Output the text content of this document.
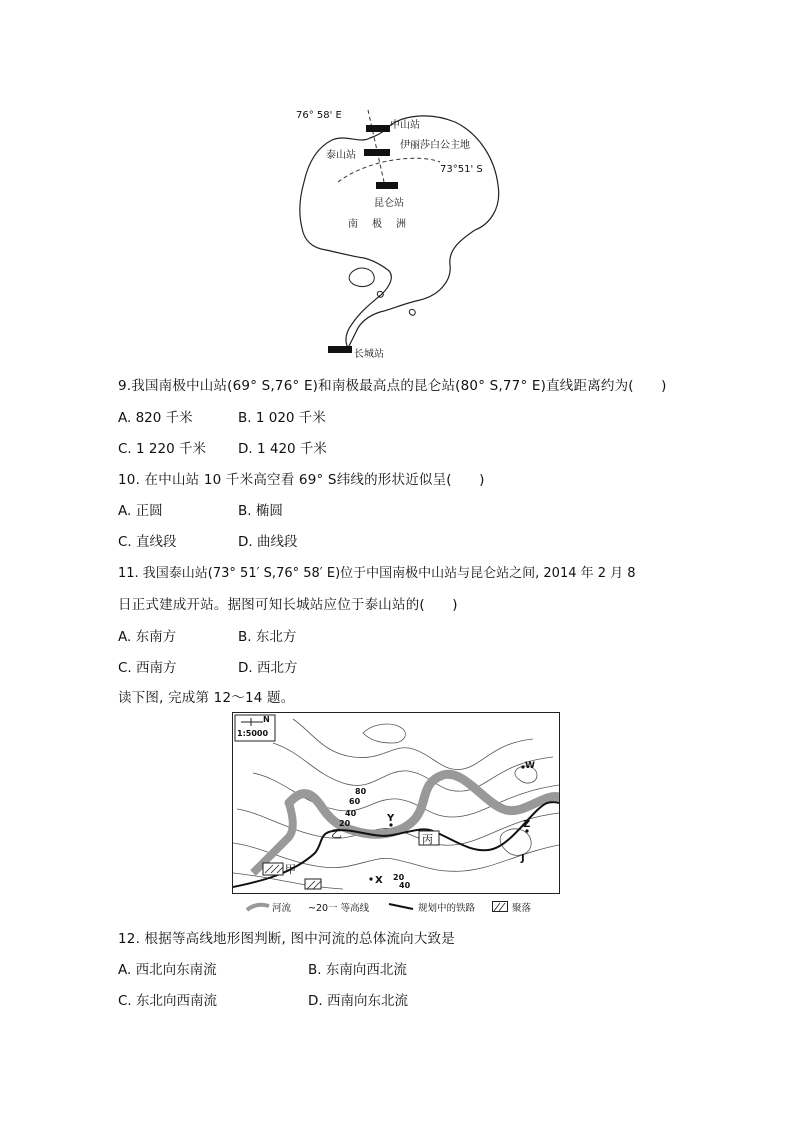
76° 58' E
中山站
伊丽莎白公主地
泰山站
73°51' S
昆仑站
南　极　洲
长城站
9.我国南极中山站(69° S,76° E)和南极最高点的昆仑站(80° S,77° E)直线距离约为(　　)
A. 820 千米	B. 1 020 千米
C. 1 220 千米 D. 1 420 千米
10. 在中山站 10 千米高空看 69° S纬线的形状近似呈(　　)
A. 正圆	B. 椭圆
C. 直线段	D. 曲线段
11. 我国泰山站(73° 51′ S,76° 58′ E)位于中国南极中山站与昆仑站之间, 2014 年 2 月 8
日正式建成开站。据图可知长城站应位于泰山站的(　　)
A. 东南方	B. 东北方
C. 西南方	D. 西北方
读下图, 完成第 12～14 题。
N
1:5000
80
60
40
20
20
40
Y
W
Z
X
J
甲
丙
乙
河流 ~20一 等高线	规划中的铁路	聚落
12. 根据等高线地形图判断, 图中河流的总体流向大致是
A. 西北向东南流	B. 东南向西北流
C. 东北向西南流	D. 西南向东北流
